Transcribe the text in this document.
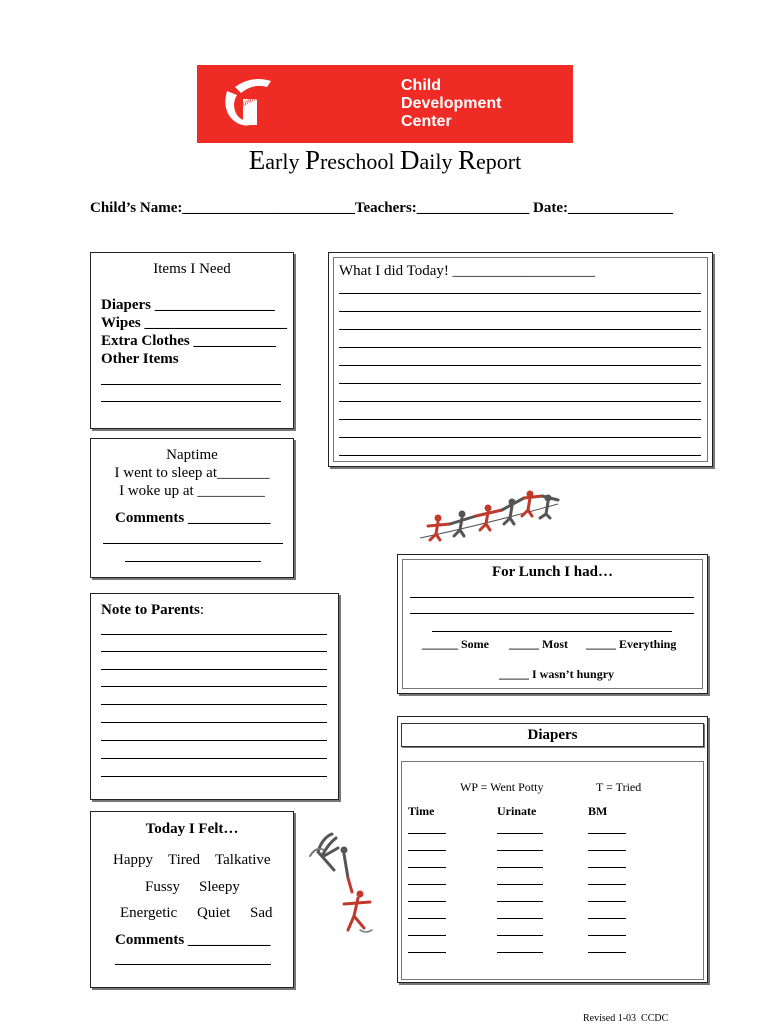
Cummins
Child
Development
Center
Early Preschool Daily Report
Child’s Name:_______________________Teachers:_______________ Date:______________
Items I Need
Diapers ________________
Wipes ___________________
Extra Clothes ___________
Other Items
What I did Today! ___________________
Naptime
I went to sleep at_______
I woke up at _________
Comments ___________
For Lunch I had…
______ Some _____ Most _____ Everything
_____ I wasn’t hungry
Note to Parents:
Diapers
WP = Went Potty	T = Tried
Time	Urinate	BM
Today I Felt…
Happy Tired Talkative
Fussy Sleepy
Energetic Quiet Sad
Comments ___________
Revised 1-03  CCDC
